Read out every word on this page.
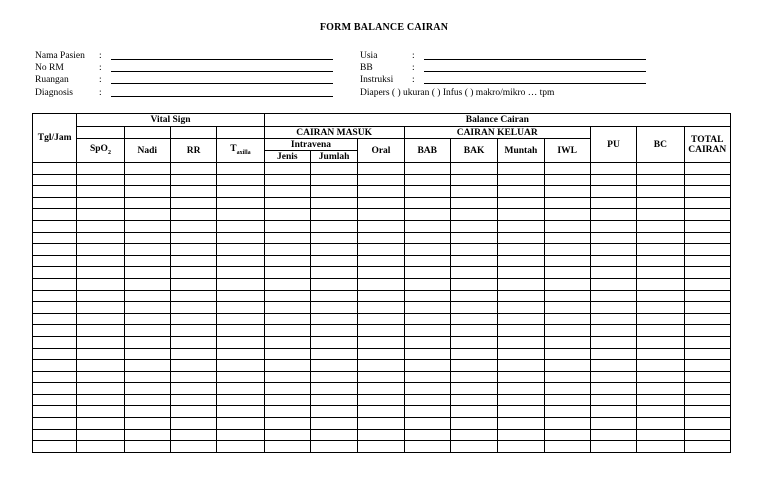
FORM BALANCE CAIRAN
Nama Pasien :
No RM	:
Ruangan	:
Diagnosis	:
Usia	:
BB	:
Instruksi :
Diapers ( ) ukuran ( ) Infus ( ) makro/mikro … tpm
Tgl/Jam	Vital Sign				Balance Cairan									
					CAIRAN MASUK			CAIRAN KELUAR				PU	BC	TOTAL
CAIRAN
	SpO$_2$	Nadi	RR	$T_{axilla}$	Intravena		Oral	BAB	BAK	Muntah	IWL			
					Jenis	Jumlah								
